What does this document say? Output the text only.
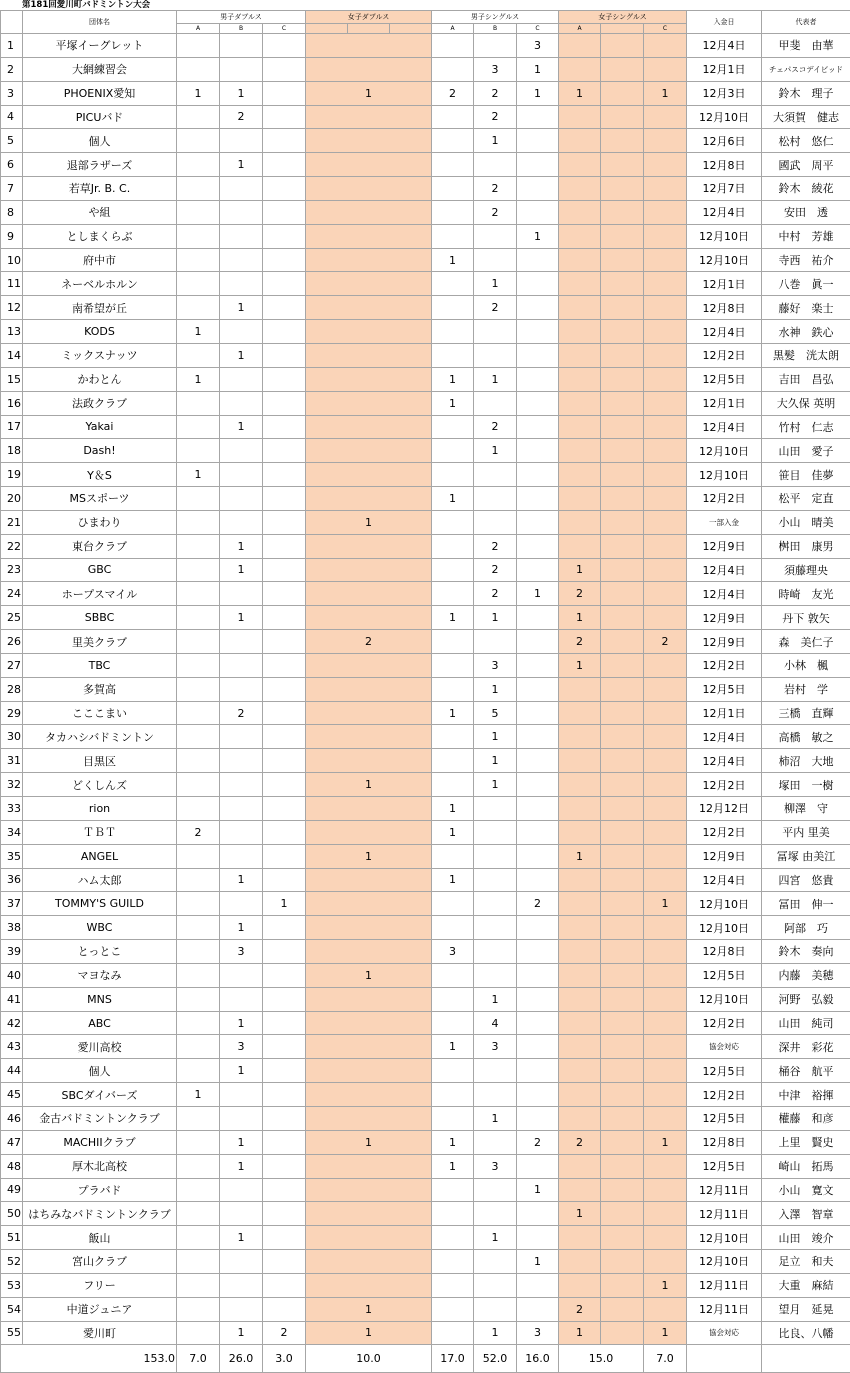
第181回愛川町バドミントン大会
	団体名	男子ダブルス			女子ダブルス			男子シングルス			女子シングルス			入金日	代表者
		A	B	C				A	B	C	A		C		
1	平塚イーグレット									3				12月4日	甲斐　由華
2	大網練習会								3	1				12月1日	チェパスコデイビッド
3	PHOENIX愛知	1	1		1			2	2	1	1		1	12月3日	鈴木　理子
4	PICUバド		2						2					12月10日	大須賀　健志
5	個人								1					12月6日	松村　悠仁
6	退部ラザーズ		1											12月8日	國武　周平
7	若草Jr. B. C.								2					12月7日	鈴木　綾花
8	や組								2					12月4日	安田　透
9	としまくらぶ									1				12月10日	中村　芳雄
10	府中市							1						12月10日	寺西　祐介
11	ネーベルホルン								1					12月1日	八巻　眞一
12	南希望が丘		1						2					12月8日	藤好　楽士
13	KODS	1												12月4日	水神　鉄心
14	ミックスナッツ		1											12月2日	黒髪　洸太朗
15	かわとん	1						1	1					12月5日	吉田　昌弘
16	法政クラブ							1						12月1日	大久保 英明
17	Yakai		1						2					12月4日	竹村　仁志
18	Dash!								1					12月10日	山田　愛子
19	Y＆S	1												12月10日	笹目　佳夢
20	MSスポーツ							1						12月2日	松平　定直
21	ひまわり				1									一部入金	小山　晴美
22	東台クラブ		1						2					12月9日	桝田　康男
23	GBC		1						2		1			12月4日	須藤理央
24	ホープスマイル								2	1	2			12月4日	時崎　友光
25	SBBC		1					1	1		1			12月9日	丹下 敦矢
26	里美クラブ				2						2		2	12月9日	森　美仁子
27	TBC								3		1			12月2日	小林　楓
28	多賀高								1					12月5日	岩村　学
29	こここまい		2					1	5					12月1日	三橋　直輝
30	タカハシバドミントン								1					12月4日	高橋　敏之
31	目黒区								1					12月4日	柿沼　大地
32	どくしんズ				1				1					12月2日	塚田　一樹
33	rion							1						12月12日	柳澤　守
34	ＴＢＴ	2						1						12月2日	平内 里美
35	ANGEL				1						1			12月9日	冨塚 由美江
36	ハム太郎		1					1						12月4日	四宮　悠貴
37	TOMMY'S GUILD			1						2			1	12月10日	冨田　伸一
38	WBC		1											12月10日	阿部　巧
39	とっとこ		3					3						12月8日	鈴木　奏向
40	マヨなみ				1									12月5日	内藤　美穂
41	MNS								1					12月10日	河野　弘毅
42	ABC		1						4					12月2日	山田　純司
43	愛川高校		3					1	3					協会対応	深井　彩花
44	個人		1											12月5日	桶谷　航平
45	SBCダイバーズ	1												12月2日	中津　裕揮
46	金古バドミントンクラブ								1					12月5日	權藤　和彦
47	MACHIIクラブ		1		1			1		2	2		1	12月8日	上里　賢史
48	厚木北高校		1					1	3					12月5日	崎山　拓馬
49	プラバド									1				12月11日	小山　寛文
50	はちみなバドミントンクラブ										1			12月11日	入澤　智章
51	飯山		1						1					12月10日	山田　竣介
52	宮山クラブ									1				12月10日	足立　和夫
53	フリー												1	12月11日	大重　麻結
54	中道ジュニア				1						2			12月11日	望月　延晃
55	愛川町		1	2	1				1	3	1		1	協会対応	比良、八幡
153.0		7.0	26.0	3.0	10.0			17.0	52.0	16.0	15.0		7.0		
